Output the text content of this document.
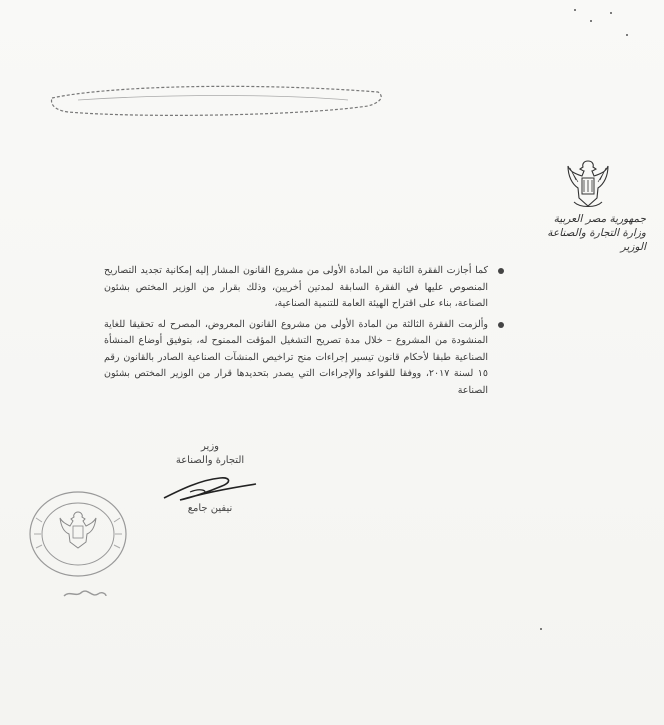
جمهورية مصر العربية
وزارة التجارة والصناعة
الوزير
كما أجازت الفقرة الثانية من المادة الأولى من مشروع القانون المشار إليه إمكانية تجديد التصاريح المنصوص عليها في الفقرة السابقة لمدتين أخريين، وذلك بقرار من الوزير المختص بشئون الصناعة، بناء على اقتراح الهيئة العامة للتنمية الصناعية،
وألزمت الفقرة الثالثة من المادة الأولى من مشروع القانون المعروض، المصرح له تحقيقا للغاية المنشودة من المشروع – خلال مدة تصريح التشغيل المؤقت الممنوح له، بتوفيق أوضاع المنشأة الصناعية طبقا لأحكام قانون تيسير إجراءات منح تراخيص المنشآت الصناعية الصادر بالقانون رقم ١٥ لسنة ٢٠١٧، ووفقا للقواعد والإجراءات التي يصدر بتحديدها قرار من الوزير المختص بشئون الصناعة
وزير
التجارة والصناعة
نيفين جامع
